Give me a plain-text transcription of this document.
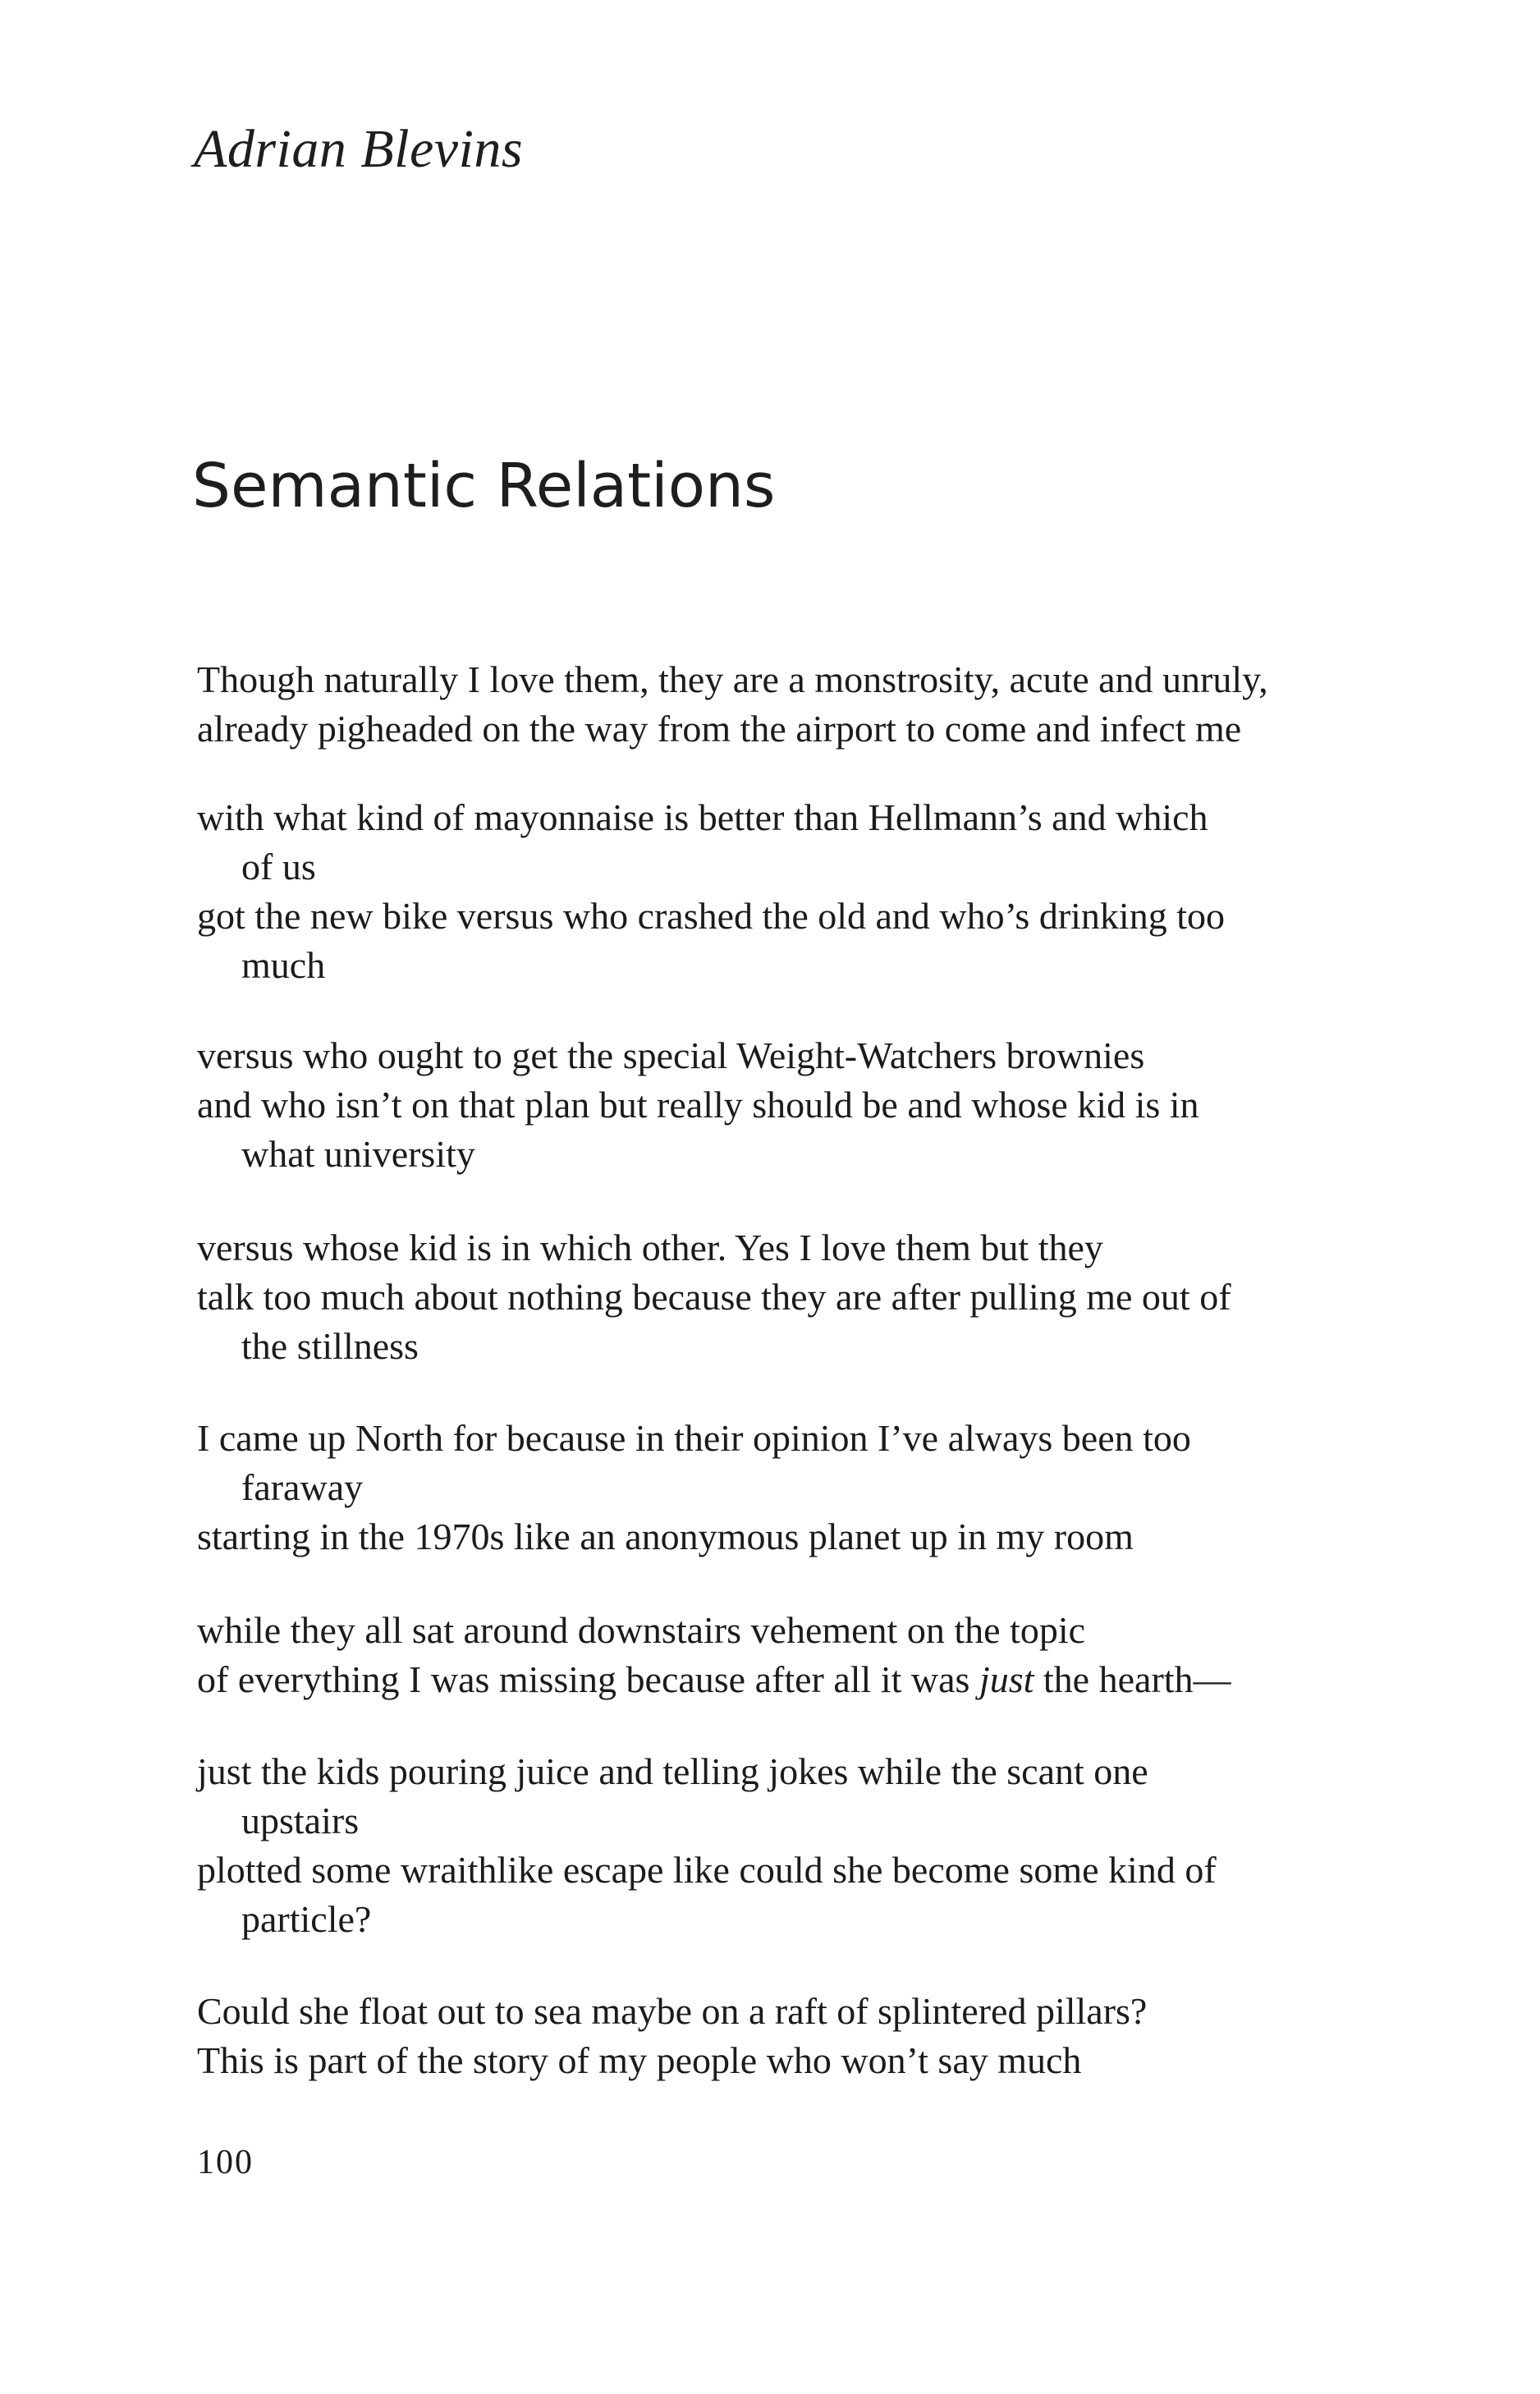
Adrian Blevins
Semantic Relations
Though naturally I love them, they are a monstrosity, acute and unruly,
already pigheaded on the way from the airport to come and infect me
with what kind of mayonnaise is better than Hellmann’s and which
of us
got the new bike versus who crashed the old and who’s drinking too
much
versus who ought to get the special Weight-Watchers brownies
and who isn’t on that plan but really should be and whose kid is in
what university
versus whose kid is in which other. Yes I love them but they
talk too much about nothing because they are after pulling me out of
the stillness
I came up North for because in their opinion I’ve always been too
faraway
starting in the 1970s like an anonymous planet up in my room
while they all sat around downstairs vehement on the topic
of everything I was missing because after all it was just the hearth—
just the kids pouring juice and telling jokes while the scant one
upstairs
plotted some wraithlike escape like could she become some kind of
particle?
Could she float out to sea maybe on a raft of splintered pillars?
This is part of the story of my people who won’t say much
100
